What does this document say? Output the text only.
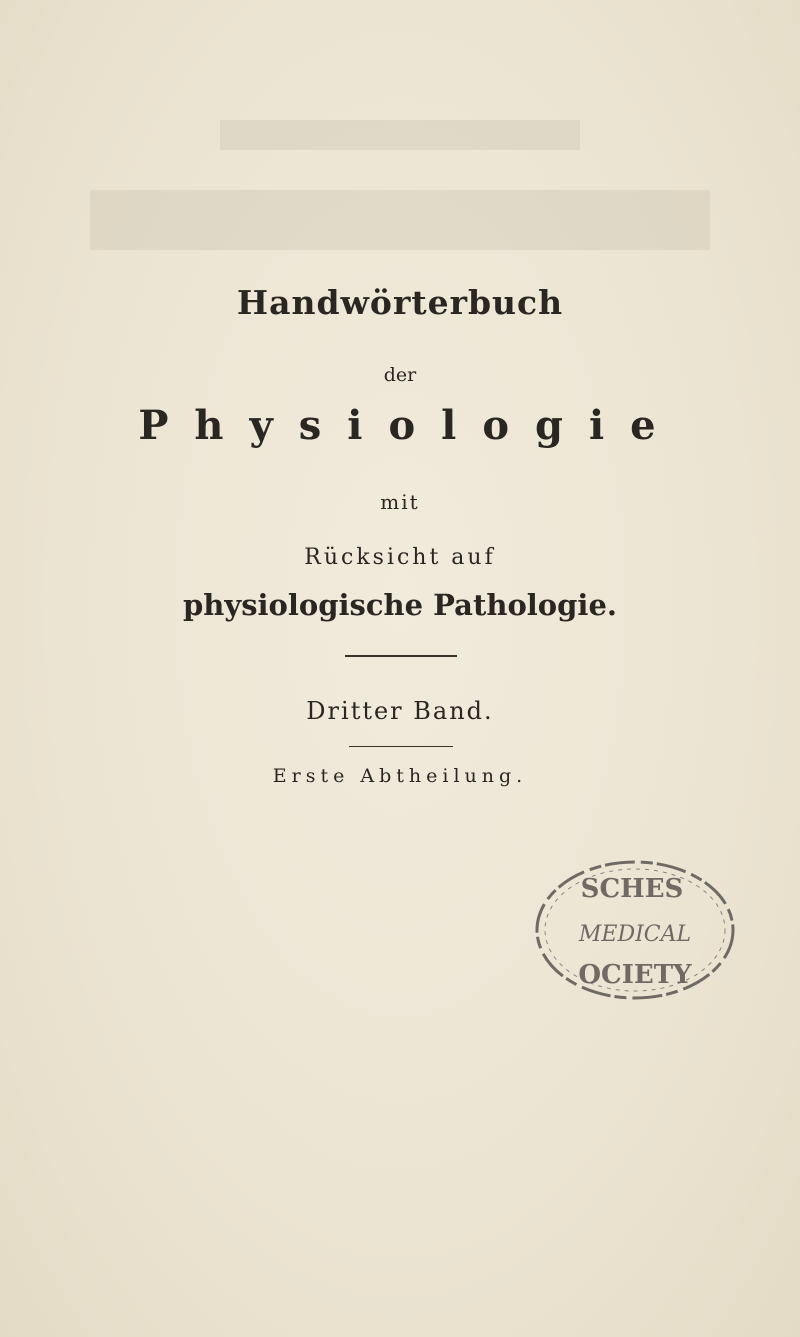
Handwörterbuch
der
Physiologie
mit
Rücksicht auf
physiologische Pathologie.
Dritter Band.
Erste Abtheilung.
SCHES
MEDICAL
OCIETY
